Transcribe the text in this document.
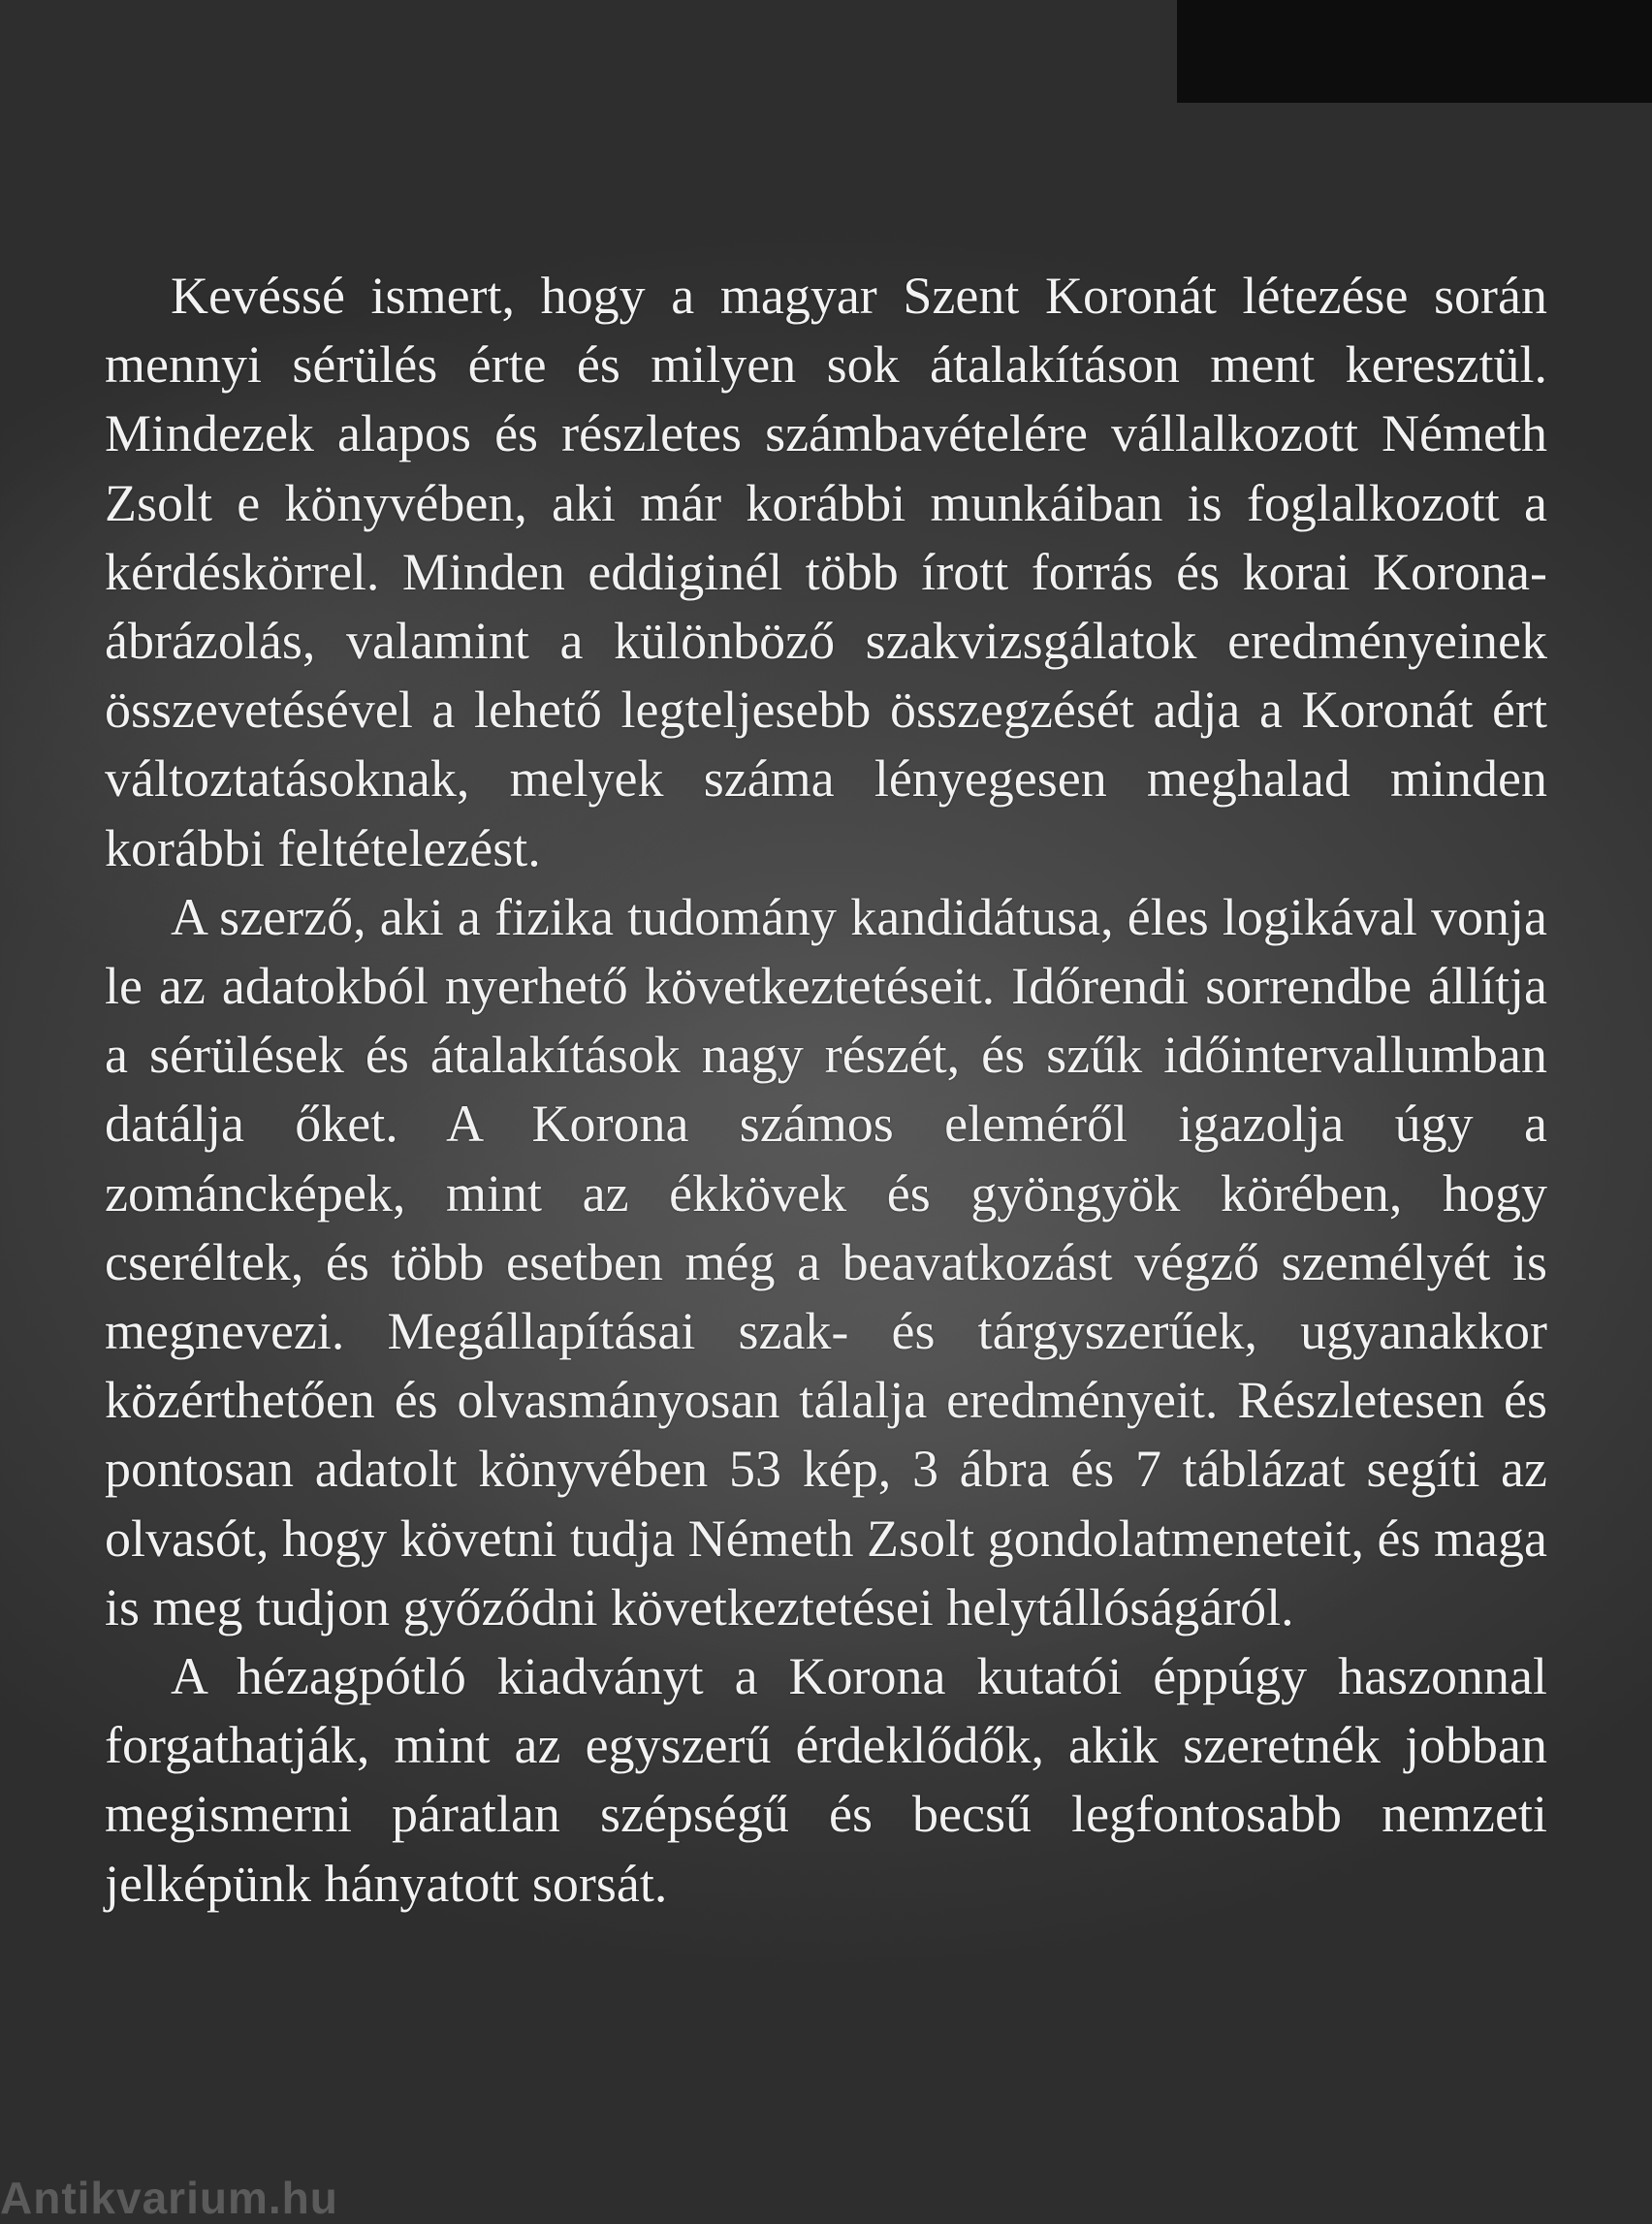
Kevéssé ismert, hogy a magyar Szent Koronát létezése során mennyi sérülés érte és milyen sok átalakításon ment keresztül. Mindezek alapos és részletes számbavételére vállalkozott Németh Zsolt e könyvében, aki már korábbi munkáiban is foglalkozott a kérdéskörrel. Minden eddiginél több írott forrás és korai Korona-ábrázolás, valamint a különböző szakvizsgálatok eredményeinek összevetésével a lehető legteljesebb összegzését adja a Koronát ért változtatásoknak, melyek száma lényegesen meghalad minden korábbi feltételezést.

A szerző, aki a fizika tudomány kandidátusa, éles logikával vonja le az adatokból nyerhető következtetéseit. Időrendi sorrendbe állítja a sérülések és átalakítások nagy részét, és szűk időintervallumban datálja őket. A Korona számos eleméről igazolja úgy a zománcképek, mint az ékkövek és gyöngyök körében, hogy cseréltek, és több esetben még a beavatkozást végző személyét is megnevezi. Megállapításai szak- és tárgyszerűek, ugyanakkor közérthetően és olvasmányosan tálalja eredményeit. Részletesen és pontosan adatolt könyvében 53 kép, 3 ábra és 7 táblázat segíti az olvasót, hogy követni tudja Németh Zsolt gondolatmeneteit, és maga is meg tudjon győződni következtetései helytállóságáról.

A hézagpótló kiadványt a Korona kutatói éppúgy haszonnal forgathatják, mint az egyszerű érdeklődők, akik szeretnék jobban megismerni páratlan szépségű és becsű legfontosabb nemzeti jelképünk hányatott sorsát.

Antikvarium.hu
